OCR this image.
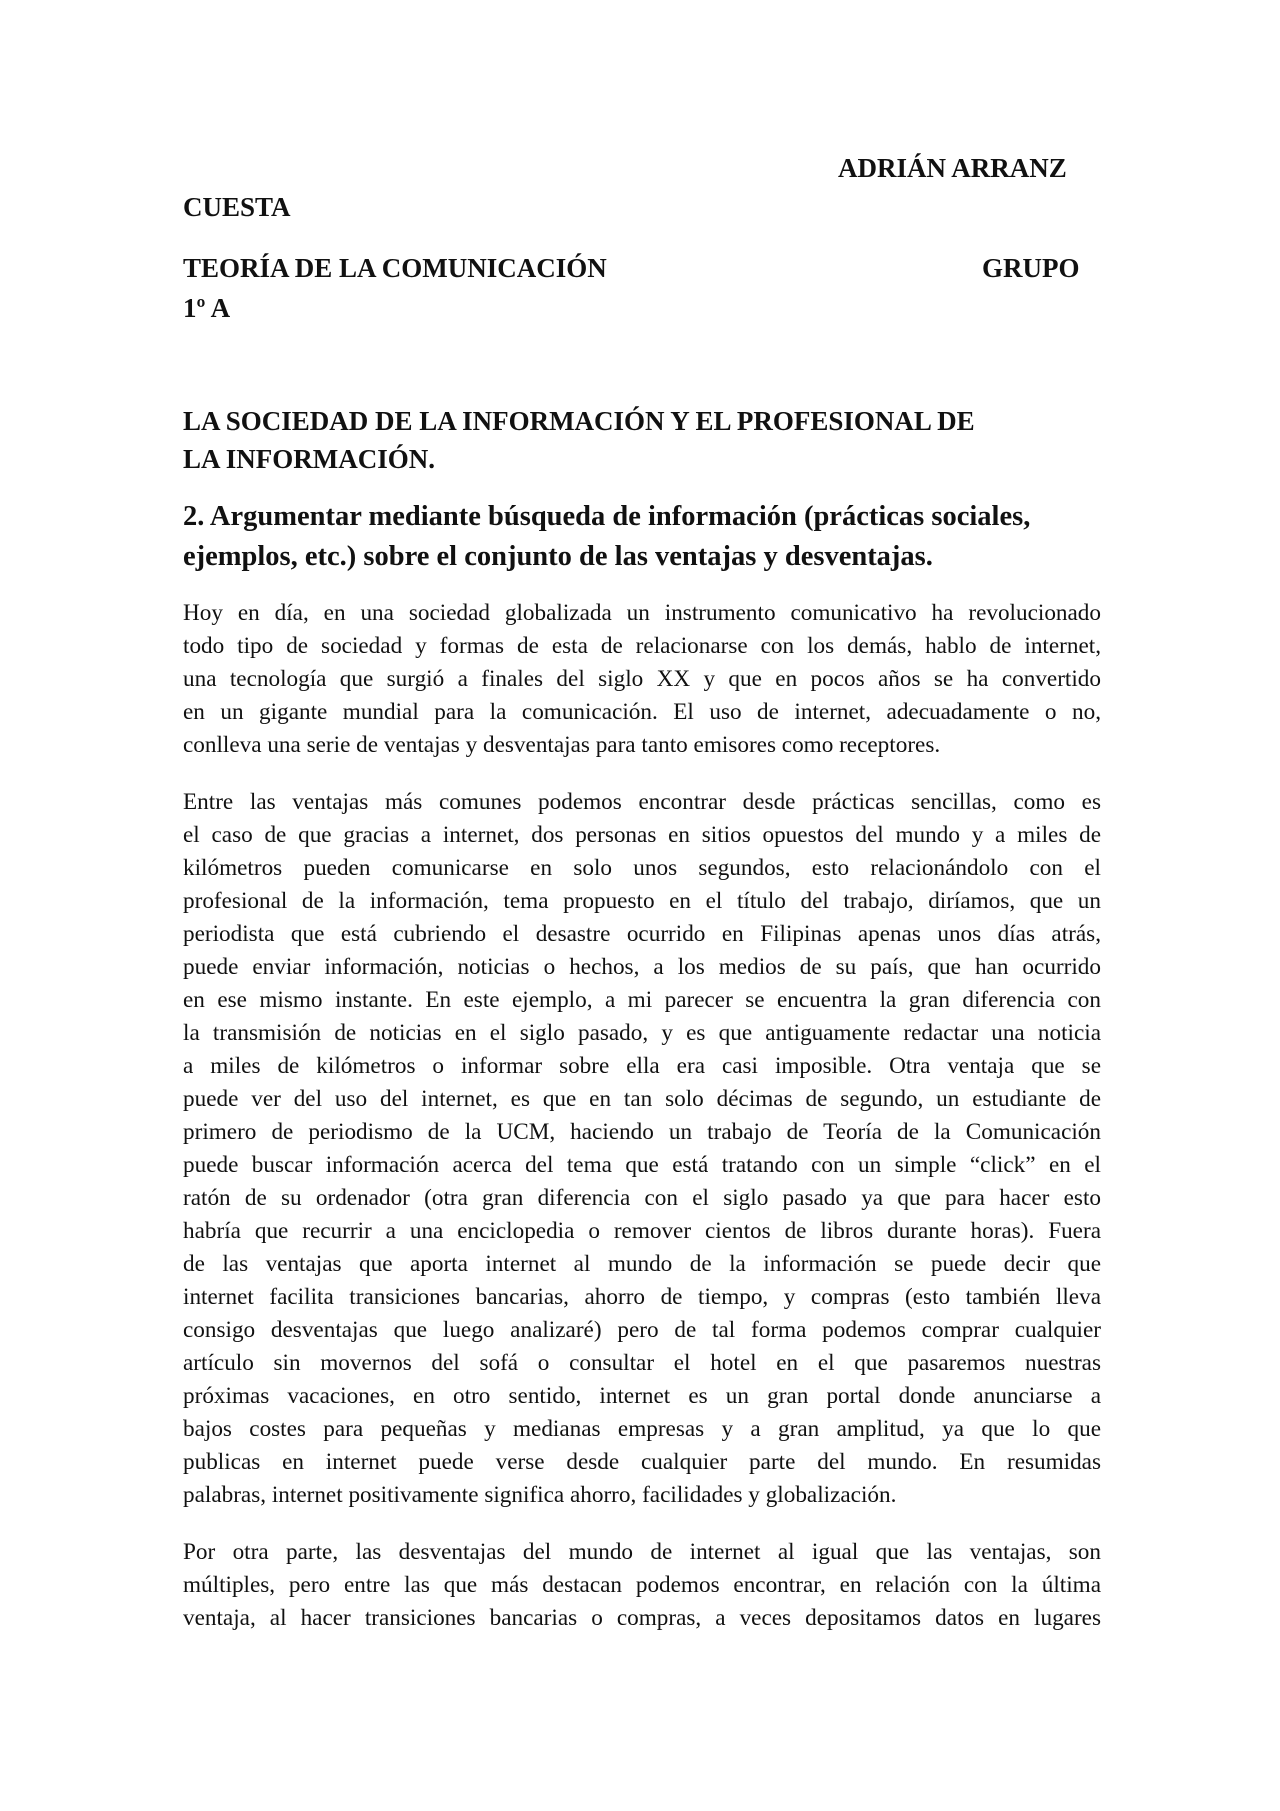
ADRIÁN ARRANZ
CUESTA
TEORÍA DE LA COMUNICACIÓN	GRUPO
1º A
LA SOCIEDAD DE LA INFORMACIÓN Y EL PROFESIONAL DE
LA INFORMACIÓN.
2. Argumentar mediante búsqueda de información (prácticas sociales,
ejemplos, etc.) sobre el conjunto de las ventajas y desventajas.
Hoy en día, en una sociedad globalizada un instrumento comunicativo ha revolucionado
todo tipo de sociedad y formas de esta de relacionarse con los demás, hablo de internet,
una tecnología que surgió a finales del siglo XX y que en pocos años se ha convertido
en un gigante mundial para la comunicación. El uso de internet, adecuadamente o no,
conlleva una serie de ventajas y desventajas para tanto emisores como receptores.
Entre las ventajas más comunes podemos encontrar desde prácticas sencillas, como es
el caso de que gracias a internet, dos personas en sitios opuestos del mundo y a miles de
kilómetros pueden comunicarse en solo unos segundos, esto relacionándolo con el
profesional de la información, tema propuesto en el título del trabajo, diríamos, que un
periodista que está cubriendo el desastre ocurrido en Filipinas apenas unos días atrás,
puede enviar información, noticias o hechos, a los medios de su país, que han ocurrido
en ese mismo instante. En este ejemplo, a mi parecer se encuentra la gran diferencia con
la transmisión de noticias en el siglo pasado, y es que antiguamente redactar una noticia
a miles de kilómetros o informar sobre ella era casi imposible. Otra ventaja que se
puede ver del uso del internet, es que en tan solo décimas de segundo, un estudiante de
primero de periodismo de la UCM, haciendo un trabajo de Teoría de la Comunicación
puede buscar información acerca del tema que está tratando con un simple “click” en el
ratón de su ordenador (otra gran diferencia con el siglo pasado ya que para hacer esto
habría que recurrir a una enciclopedia o remover cientos de libros durante horas). Fuera
de las ventajas que aporta internet al mundo de la información se puede decir que
internet facilita transiciones bancarias, ahorro de tiempo, y compras (esto también lleva
consigo desventajas que luego analizaré) pero de tal forma podemos comprar cualquier
artículo sin movernos del sofá o consultar el hotel en el que pasaremos nuestras
próximas vacaciones, en otro sentido, internet es un gran portal donde anunciarse a
bajos costes para pequeñas y medianas empresas y a gran amplitud, ya que lo que
publicas en internet puede verse desde cualquier parte del mundo. En resumidas
palabras, internet positivamente significa ahorro, facilidades y globalización.
Por otra parte, las desventajas del mundo de internet al igual que las ventajas, son
múltiples, pero entre las que más destacan podemos encontrar, en relación con la última
ventaja, al hacer transiciones bancarias o compras, a veces depositamos datos en lugares
